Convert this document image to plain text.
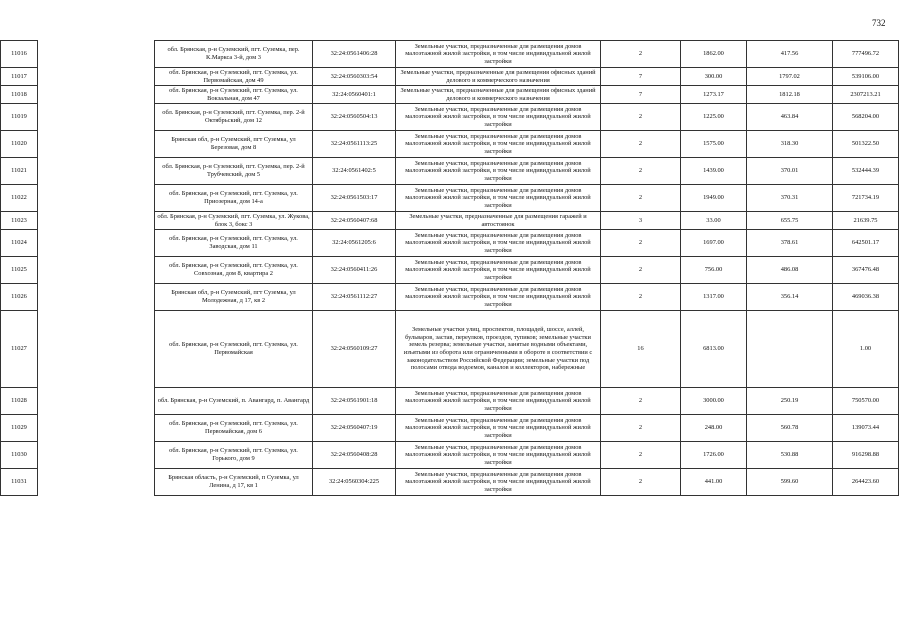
732
11016		обл. Брянская, р-н Суземский, пгт. Суземка, пер. К.Маркса 3-й, дом 3	32:24:0561406:28	Земельные участки, предназначенные для размещения домов малоэтажной жилой застройки, в том числе индивидуальной жилой застройки	2	1862.00	417.56	777496.72
11017		обл. Брянская, р-н Суземский, пгт. Суземка, ул. Первомайская, дом 49	32:24:0560303:54	Земельные участки, предназначенные для размещения офисных зданий делового и коммерческого назначения	7	300.00	1797.02	539106.00
11018		обл. Брянская, р-н Суземский, пгт. Суземка, ул. Вокзальная, дом 47	32:24:0560401:1	Земельные участки, предназначенные для размещения офисных зданий делового и коммерческого назначения	7	1273.17	1812.18	2307213.21
11019		обл. Брянская, р-н Суземский, пгт. Суземка, пер. 2-й Октябрьский, дом 12	32:24:0560504:13	Земельные участки, предназначенные для размещения домов малоэтажной жилой застройки, в том числе индивидуальной жилой застройки	2	1225.00	463.84	568204.00
11020		Брянская обл, р-н Суземский, пгт Суземка, ул Березовая, дом 8	32:24:0561113:25	Земельные участки, предназначенные для размещения домов малоэтажной жилой застройки, в том числе индивидуальной жилой застройки	2	1575.00	318.30	501322.50
11021		обл. Брянская, р-н Суземский, пгт. Суземка, пер. 2-й Трубчевский, дом 5	32:24:0561402:5	Земельные участки, предназначенные для размещения домов малоэтажной жилой застройки, в том числе индивидуальной жилой застройки	2	1439.00	370.01	532444.39
11022		обл. Брянская, р-н Суземский, пгт. Суземка, ул. Приозерная, дом 14-а	32:24:0561503:17	Земельные участки, предназначенные для размещения домов малоэтажной жилой застройки, в том числе индивидуальной жилой застройки	2	1949.00	370.31	721734.19
11023		обл. Брянская, р-н Суземский, пгт. Суземка, ул. Жукова, блок 3, бокс 3	32:24:0560407:68	Земельные участки, предназначенные для размещения гаражей и автостоянок	3	33.00	655.75	21639.75
11024		обл. Брянская, р-н Суземский, пгт. Суземка, ул. Заводская, дом 11	32:24:0561205:6	Земельные участки, предназначенные для размещения домов малоэтажной жилой застройки, в том числе индивидуальной жилой застройки	2	1697.00	378.61	642501.17
11025		обл. Брянская, р-н Суземский, пгт. Суземка, ул. Совхозная, дом 8, квартира 2	32:24:0560411:26	Земельные участки, предназначенные для размещения домов малоэтажной жилой застройки, в том числе индивидуальной жилой застройки	2	756.00	486.08	367476.48
11026		Брянская обл, р-н Суземский, пгт Суземка, ул Молодежная, д 17, кв 2	32:24:0561112:27	Земельные участки, предназначенные для размещения домов малоэтажной жилой застройки, в том числе индивидуальной жилой застройки	2	1317.00	356.14	469036.38
11027		обл. Брянская, р-н Суземский, пгт. Суземка, ул. Первомайская	32:24:0560109:27	Земельные участки улиц, проспектов, площадей, шоссе, аллей, бульваров, застав, переулков, проездов, тупиков; земельные участки земель резерва; земельные участки, занятые водными объектами, изъятыми из оборота или ограниченными в обороте в соответствии с законодательством Российской Федерации; земельные участки под полосами отвода водоемов, каналов и коллекторов, набережные	16	6813.00		1.00
11028		обл. Брянская, р-н Суземский, п. Авангард, п. Авангард	32:24:0561901:18	Земельные участки, предназначенные для размещения домов малоэтажной жилой застройки, в том числе индивидуальной жилой застройки	2	3000.00	250.19	750570.00
11029		обл. Брянская, р-н Суземский, пгт. Суземка, ул. Первомайская, дом 6	32:24:0560407:19	Земельные участки, предназначенные для размещения домов малоэтажной жилой застройки, в том числе индивидуальной жилой застройки	2	248.00	560.78	139073.44
11030		обл. Брянская, р-н Суземский, пгт. Суземка, ул. Горького, дом 9	32:24:0560408:28	Земельные участки, предназначенные для размещения домов малоэтажной жилой застройки, в том числе индивидуальной жилой застройки	2	1726.00	530.88	916298.88
11031		Брянская область, р-н Суземский, п Суземка, ул Ленина, д 17, кв 1	32:24:0560304:225	Земельные участки, предназначенные для размещения домов малоэтажной жилой застройки, в том числе индивидуальной жилой застройки	2	441.00	599.60	264423.60
